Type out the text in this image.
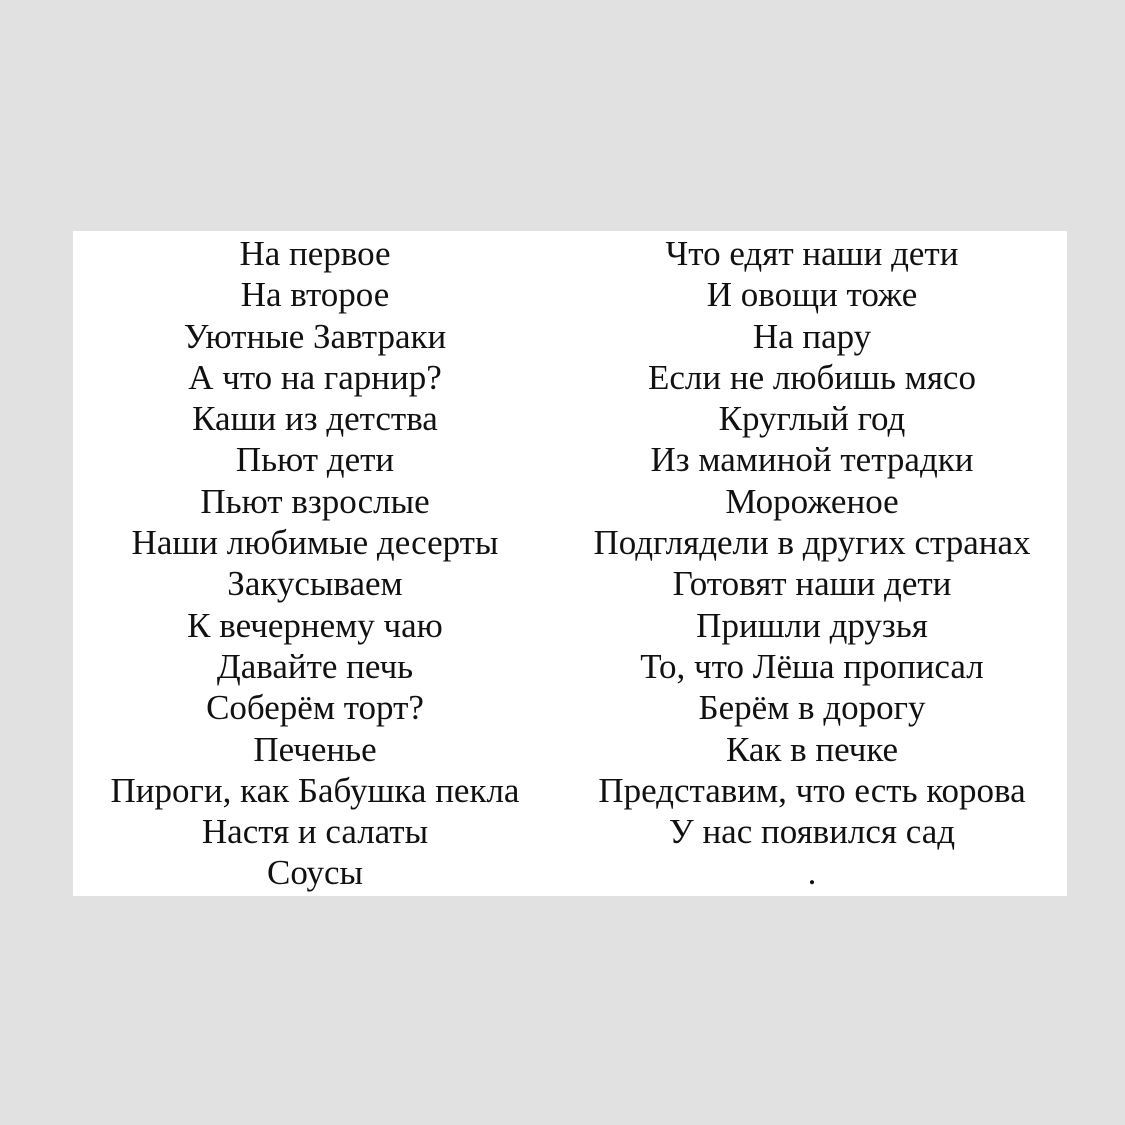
На первое
На второе
Уютные Завтраки
А что на гарнир?
Каши из детства
Пьют дети
Пьют взрослые
Наши любимые десерты
Закусываем
К вечернему чаю
Давайте печь
Соберём торт?
Печенье
Пироги, как Бабушка пекла
Настя и салаты
Соусы
Что едят наши дети
И овощи тоже
На пару
Если не любишь мясо
Круглый год
Из маминой тетрадки
Мороженое
Подглядели в других странах
Готовят наши дети
Пришли друзья
То, что Лёша прописал
Берём в дорогу
Как в печке
Представим, что есть корова
У нас появился сад
.
